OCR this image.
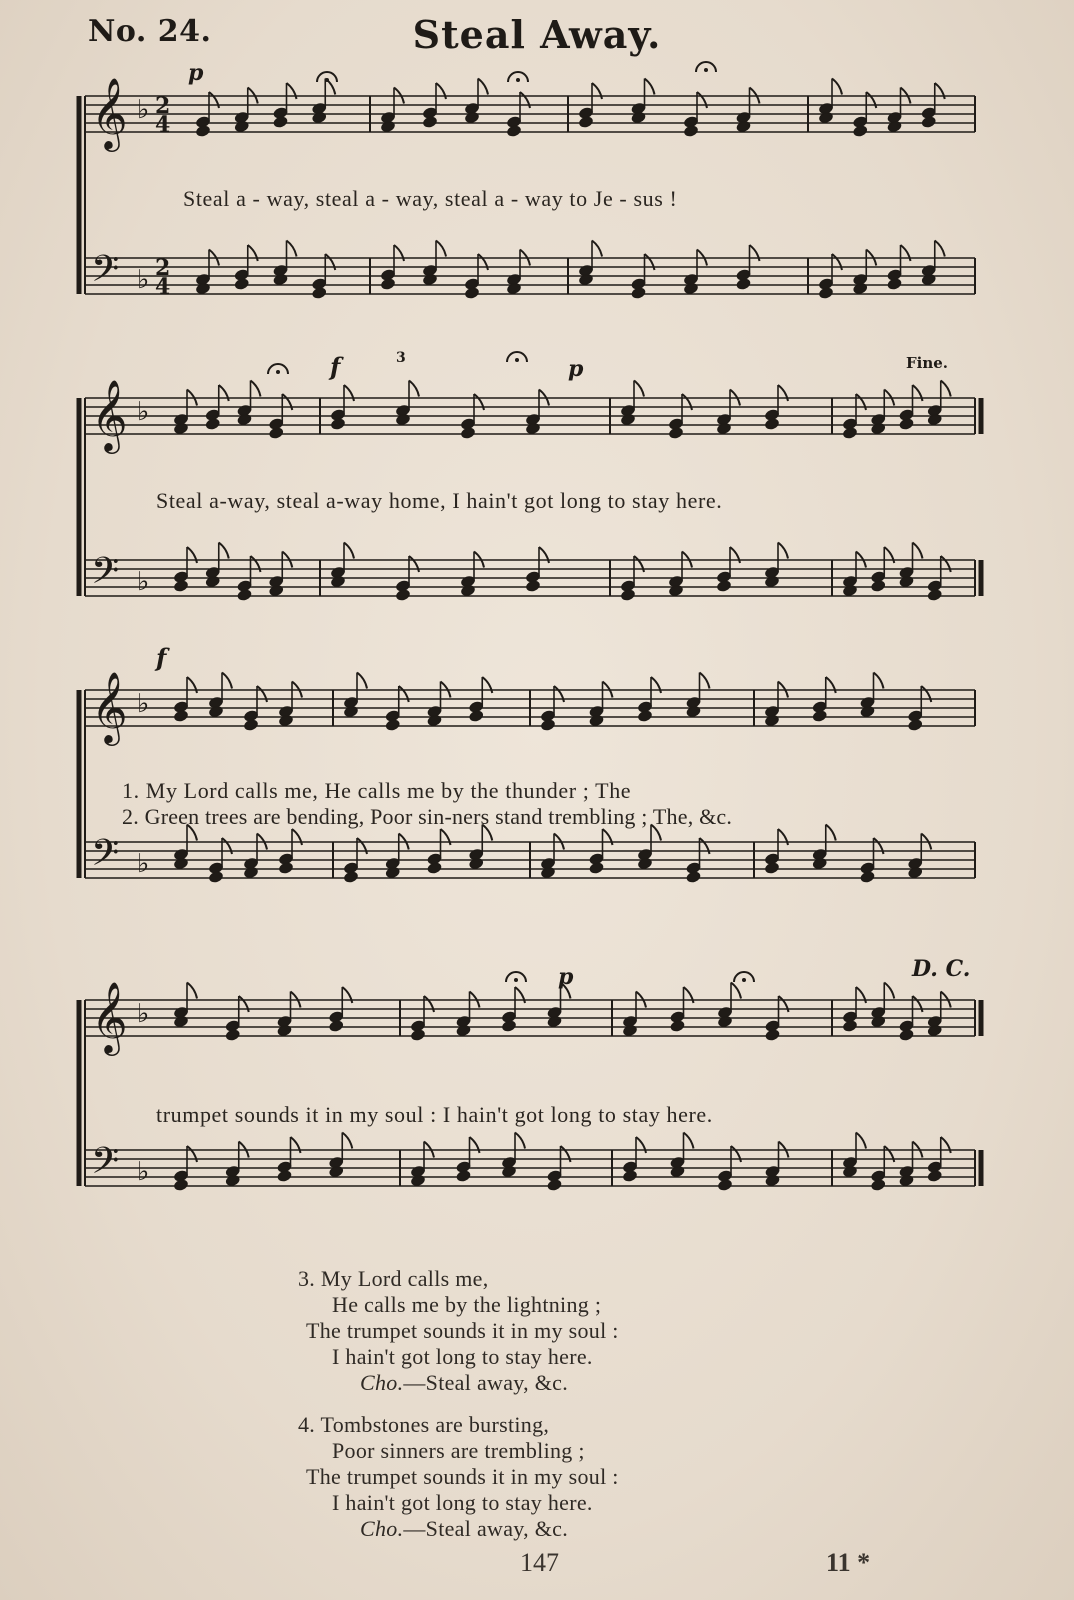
No. 24.	Steal Away.
𝄞 ♭
𝄢 ♭
𝄞 ♭
𝄢 ♭
𝄞 ♭
𝄢 ♭
𝄞 ♭
𝄢 ♭
2
4
2
4
p
f	3	p	Fine.
f
p	D. C.
Steal a - way, steal a - way, steal a - way to Je - sus !
Steal a-way, steal a-way home, I hain't got long to stay here.
1. My Lord calls me, He calls me by the thunder ; The
2. Green trees are bending, Poor sin-ners stand trembling ; The, &c.
trumpet sounds it in my soul : I hain't got long to stay here.
3. My Lord calls me,
He calls me by the lightning ;
The trumpet sounds it in my soul :
I hain't got long to stay here.
Cho.—Steal away, &c.
4. Tombstones are bursting,
Poor sinners are trembling ;
The trumpet sounds it in my soul :
I hain't got long to stay here.
Cho.—Steal away, &c.
147	11 *
